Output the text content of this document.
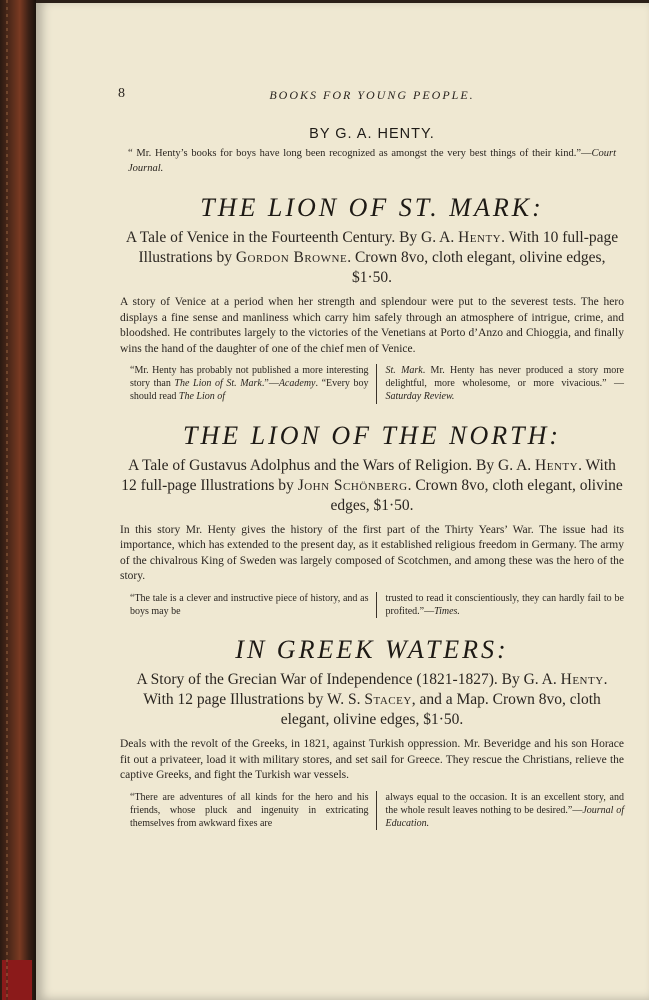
8	BOOKS FOR YOUNG PEOPLE.
BY G. A. HENTY.
“ Mr. Henty’s books for boys have long been recognized as amongst the very best things of their kind.”—Court Journal.
THE LION OF ST. MARK:
A Tale of Venice in the Fourteenth Century. By G. A. Henty. With 10 full-page Illustrations by Gordon Browne. Crown 8vo, cloth elegant, olivine edges, $1·50.
A story of Venice at a period when her strength and splendour were put to the severest tests. The hero displays a fine sense and manliness which carry him safely through an atmosphere of intrigue, crime, and bloodshed. He contributes largely to the victories of the Venetians at Porto d’Anzo and Chioggia, and finally wins the hand of the daughter of one of the chief men of Venice.
“Mr. Henty has probably not published a more interesting story than The Lion of St. Mark.”—Academy. “Every boy should read The Lion of
St. Mark. Mr. Henty has never produced a story more delightful, more wholesome, or more vivacious.” —Saturday Review.
THE LION OF THE NORTH:
A Tale of Gustavus Adolphus and the Wars of Religion. By G. A. Henty. With 12 full-page Illustrations by John Schönberg. Crown 8vo, cloth elegant, olivine edges, $1·50.
In this story Mr. Henty gives the history of the first part of the Thirty Years’ War. The issue had its importance, which has extended to the present day, as it established religious freedom in Germany. The army of the chivalrous King of Sweden was largely composed of Scotchmen, and among these was the hero of the story.
“The tale is a clever and instructive piece of history, and as boys may be
trusted to read it conscientiously, they can hardly fail to be profited.”—Times.
IN GREEK WATERS:
A Story of the Grecian War of Independence (1821-1827). By G. A. Henty. With 12 page Illustrations by W. S. Stacey, and a Map. Crown 8vo, cloth elegant, olivine edges, $1·50.
Deals with the revolt of the Greeks, in 1821, against Turkish oppression. Mr. Beveridge and his son Horace fit out a privateer, load it with military stores, and set sail for Greece. They rescue the Christians, relieve the captive Greeks, and fight the Turkish war vessels.
“There are adventures of all kinds for the hero and his friends, whose pluck and ingenuity in extricating themselves from awkward fixes are
always equal to the occasion. It is an excellent story, and the whole result leaves nothing to be desired.”—Journal of Education.
